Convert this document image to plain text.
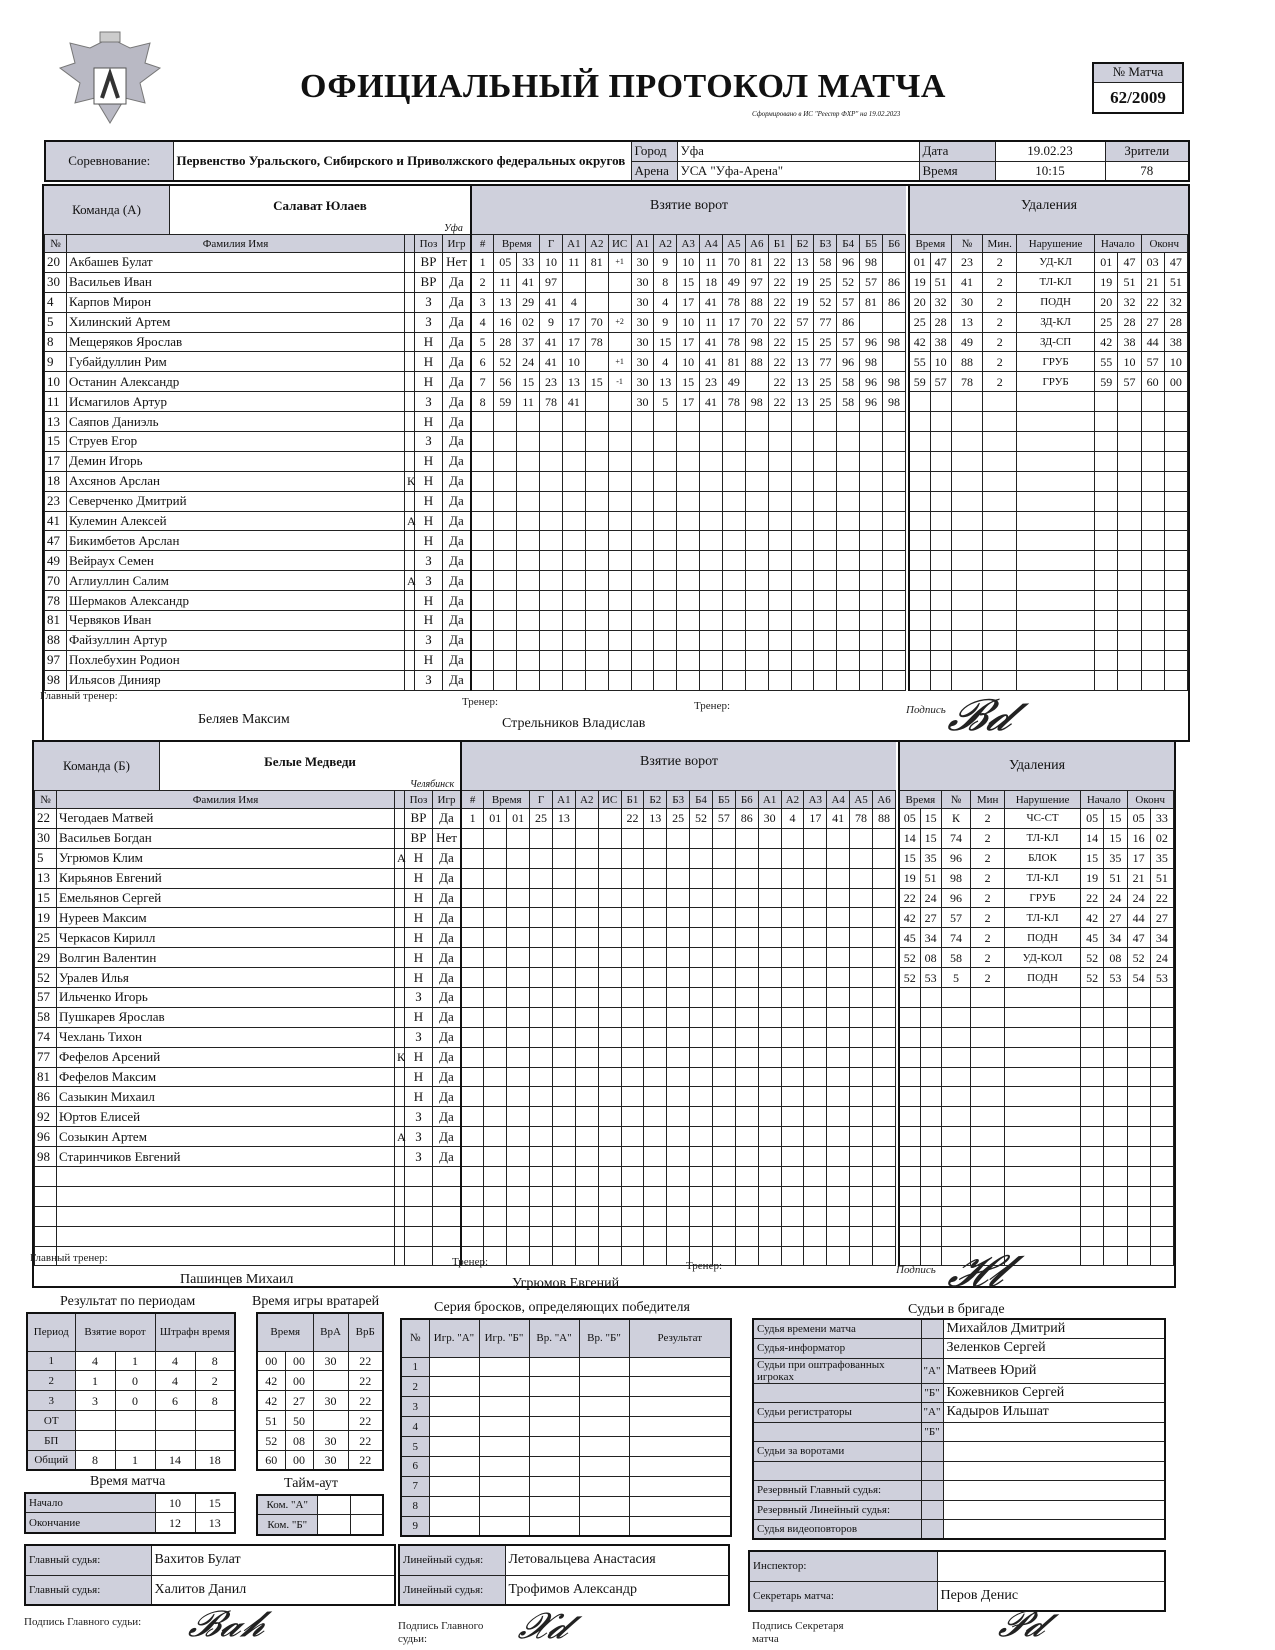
ОФИЦИАЛЬНЫЙ ПРОТОКОЛ МАТЧА
Сформировано в ИС "Реестр ФХР" на 19.02.2023
№ Матча
62/2009
Соревнование:	Первенство Уральского, Сибирского и Приволжского федеральных округов	Город	Уфа	Дата	19.02.23	Зрители
		Арена	УСА "Уфа-Арена"	Время	10:15	78
Команда (А)	Салават Юлаев
Уфа
Взятие ворот	Удаления
№	Фамилия Имя		Поз	Игр
20	Акбашев Булат		ВР	Нет
30	Васильев Иван		ВР	Да
4	Карпов Мирон		З	Да
5	Хилинский Артем		З	Да
8	Мещеряков Ярослав		Н	Да
9	Губайдуллин Рим		Н	Да
10	Останин Александр		Н	Да
11	Исмагилов Артур		З	Да
13	Саяпов Даниэль		Н	Да
15	Струев Егор		З	Да
17	Демин Игорь		Н	Да
18	Ахсянов Арслан	К	Н	Да
23	Северченко Дмитрий		Н	Да
41	Кулемин Алексей	А	Н	Да
47	Бикимбетов Арслан		Н	Да
49	Вейраух Семен		З	Да
70	Аглиуллин Салим	А	З	Да
78	Шермаков Александр		Н	Да
81	Червяков Иван		Н	Да
88	Файзуллин Артур		З	Да
97	Похлебухин Родион		Н	Да
98	Ильясов Динияр		З	Да
#	Время		Г	А1	А2	ИС	А1	А2	А3	А4	А5	А6	Б1	Б2	Б3	Б4	Б5	Б6
1	05	33	10	11	81	+1	30	9	10	11	70	81	22	13	58	96	98	
2	11	41	97				30	8	15	18	49	97	22	19	25	52	57	86
3	13	29	41	4			30	4	17	41	78	88	22	19	52	57	81	86
4	16	02	9	17	70	+2	30	9	10	11	17	70	22	57	77	86		
5	28	37	41	17	78		30	15	17	41	78	98	22	15	25	57	96	98
6	52	24	41	10		+1	30	4	10	41	81	88	22	13	77	96	98	
7	56	15	23	13	15	-1	30	13	15	23	49		22	13	25	58	96	98
8	59	11	78	41			30	5	17	41	78	98	22	13	25	58	96	98

Время		№	Мин.	Нарушение	Начало		Оконч	
01	47	23	2	УД-КЛ	01	47	03	47
19	51	41	2	ТЛ-КЛ	19	51	21	51
20	32	30	2	ПОДН	20	32	22	32
25	28	13	2	ЗД-КЛ	25	28	27	28
42	38	49	2	ЗД-СП	42	38	44	38
55	10	88	2	ГРУБ	55	10	57	10
59	57	78	2	ГРУБ	59	57	60	00

Главный тренер:
Беляев Максим
Тренер:
Стрельников Владислав
Тренер:	Подпись
𝓑𝓭
Команда (Б)	Белые Медведи
Челябинск
Взятие ворот	Удаления
№	Фамилия Имя		Поз	Игр
22	Чегодаев Матвей		ВР	Да
30	Васильев Богдан		ВР	Нет
5	Угрюмов Клим	А	Н	Да
13	Кирьянов Евгений		Н	Да
15	Емельянов Сергей		Н	Да
19	Нуреев Максим		Н	Да
25	Черкасов Кирилл		Н	Да
29	Волгин Валентин		Н	Да
52	Уралев Илья		Н	Да
57	Ильченко Игорь		З	Да
58	Пушкарев Ярослав		Н	Да
74	Чехлань Тихон		З	Да
77	Фефелов Арсений	К	Н	Да
81	Фефелов Максим		Н	Да
86	Сазыкин Михаил		Н	Да
92	Юртов Елисей		З	Да
96	Созыкин Артем	А	З	Да
98	Старинчиков Евгений		З	Да

#	Время		Г	А1	А2	ИС	Б1	Б2	Б3	Б4	Б5	Б6	А1	А2	А3	А4	А5	А6
1	01	01	25	13			22	13	25	52	57	86	30	4	17	41	78	88

Время		№	Мин	Нарушение	Начало		Оконч	
05	15	К	2	ЧС-СТ	05	15	05	33
14	15	74	2	ТЛ-КЛ	14	15	16	02
15	35	96	2	БЛОК	15	35	17	35
19	51	98	2	ТЛ-КЛ	19	51	21	51
22	24	96	2	ГРУБ	22	24	24	22
42	27	57	2	ТЛ-КЛ	42	27	44	27
45	34	74	2	ПОДН	45	34	47	34
52	08	58	2	УД-КОЛ	52	08	52	24
52	53	5	2	ПОДН	52	53	54	53

Главный тренер:
Пашинцев Михаил
Тренер:
Угрюмов Евгений
Тренер:	Подпись 𝓗𝓵
Результат по периодам
Период	Взятие ворот		Штрафн время	
1	4	1	4	8
2	1	0	4	2
3	3	0	6	8
ОТ				
БП				
Общий	8	1	14	18
Время игры вратарей
Время		ВрА	ВрБ
00	00	30	22
42	00		22
42	27	30	22
51	50		22
52	08	30	22
60	00	30	22
Время матча
Начало	10	15
Окончание	12	13
Тайм-аут
Ком. "А"		
Ком. "Б"		
Серия бросков, определяющих победителя
№	Игр. "А"	Игр. "Б"	Вр. "А"	Вр. "Б"	Результат
1					
2					
3					
4					
5					
6					
7					
8					
9					
Судьи в бригаде
Судья времени матча		Михайлов Дмитрий
Судья-информатор		Зеленков Сергей
Судьи при оштрафованных игроках	"А"	Матвеев Юрий
	"Б"	Кожевников Сергей
Судьи регистраторы	"А"	Кадыров Ильшат
	"Б"	
Судьи за воротами		

Резервный Главный судья:		
Резервный Линейный судья:		
Судья видеоповторов		
Главный судья:	Вахитов Булат
Главный судья:	Халитов Данил
Линейный судья:	Летовальцева Анастасия
Линейный судья:	Трофимов Александр
Инспектор:	
Секретарь матча:	Перов Денис
Подпись Главного судьи: 𝓑𝓪𝓱	Подпись Главного судьи:	𝓧𝓭	Подпись Секретаря матча	𝓟𝓭
